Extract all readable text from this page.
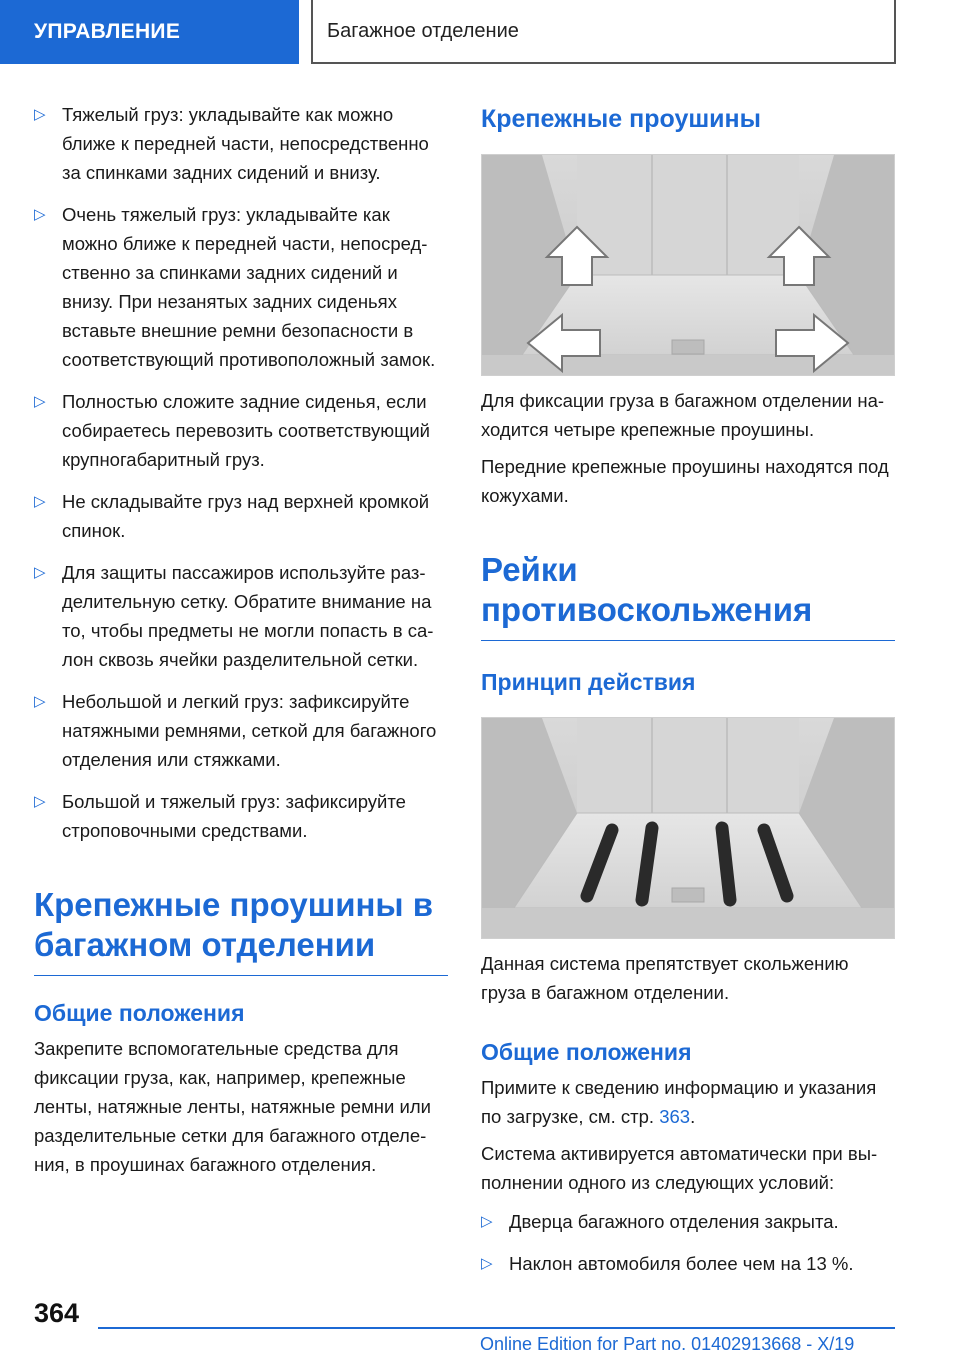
УПРАВЛЕНИЕ	Багажное отделение
▷ Тяжелый груз: укладывайте как можно ближе к передней части, непосредственно за спинками задних сидений и внизу.
▷ Очень тяжелый груз: укладывайте как можно ближе к передней части, непосредственно за спинками задних сидений и внизу. При незанятых задних сиденьях вставьте внешние ремни безопасности в соответствующий противоположный замок.
▷ Полностью сложите задние сиденья, если собираетесь перевозить соответствующий крупногабаритный груз.
▷ Не складывайте груз над верхней кромкой спинок.
▷ Для защиты пассажиров используйте разделительную сетку. Обратите внимание на то, чтобы предметы не могли попасть в салон сквозь ячейки разделительной сетки.
▷ Небольшой и легкий груз: зафиксируйте натяжными ремнями, сеткой для багажного отделения или стяжками.
▷ Большой и тяжелый груз: зафиксируйте строповочными средствами.
Крепежные проушины в багажном отделении
Общие положения

Закрепите вспомогательные средства для фиксации груза, как, например, крепежные ленты, натяжные ленты, натяжные ремни или разделительные сетки для багажного отделения, в проушинах багажного отделения.

Крепежные проушины

Для фиксации груза в багажном отделении находится четыре крепежные проушины.

Передние крепежные проушины находятся под кожухами.

Рейки противоскольжения
Принцип действия

Данная система препятствует скольжению груза в багажном отделении.

Общие положения

Примите к сведению информацию и указания по загрузке, см. стр. 363.

Система активируется автоматически при выполнении одного из следующих условий:

▷ Дверца багажного отделения закрыта.
▷ Наклон автомобиля более чем на 13 %.
364
Online Edition for Part no. 01402913668 - X/19
